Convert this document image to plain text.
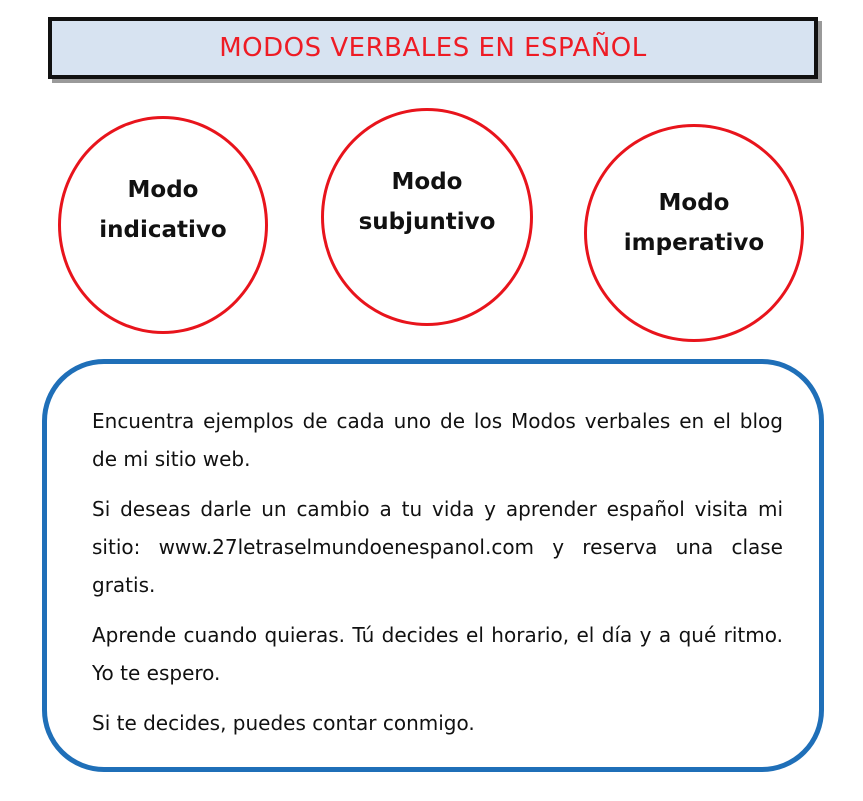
MODOS VERBALES EN ESPAÑOL
Modo
indicativo
Modo
subjuntivo
Modo
imperativo

Encuentra ejemplos de cada uno de los Modos verbales en el blog de mi sitio web.

Si deseas darle un cambio a tu vida y aprender español visita mi sitio: www.27letraselmundoenespanol.com y reserva una clase gratis.

Aprende cuando quieras. Tú decides el horario, el día y a qué ritmo. Yo te espero.

Si te decides, puedes contar conmigo.
